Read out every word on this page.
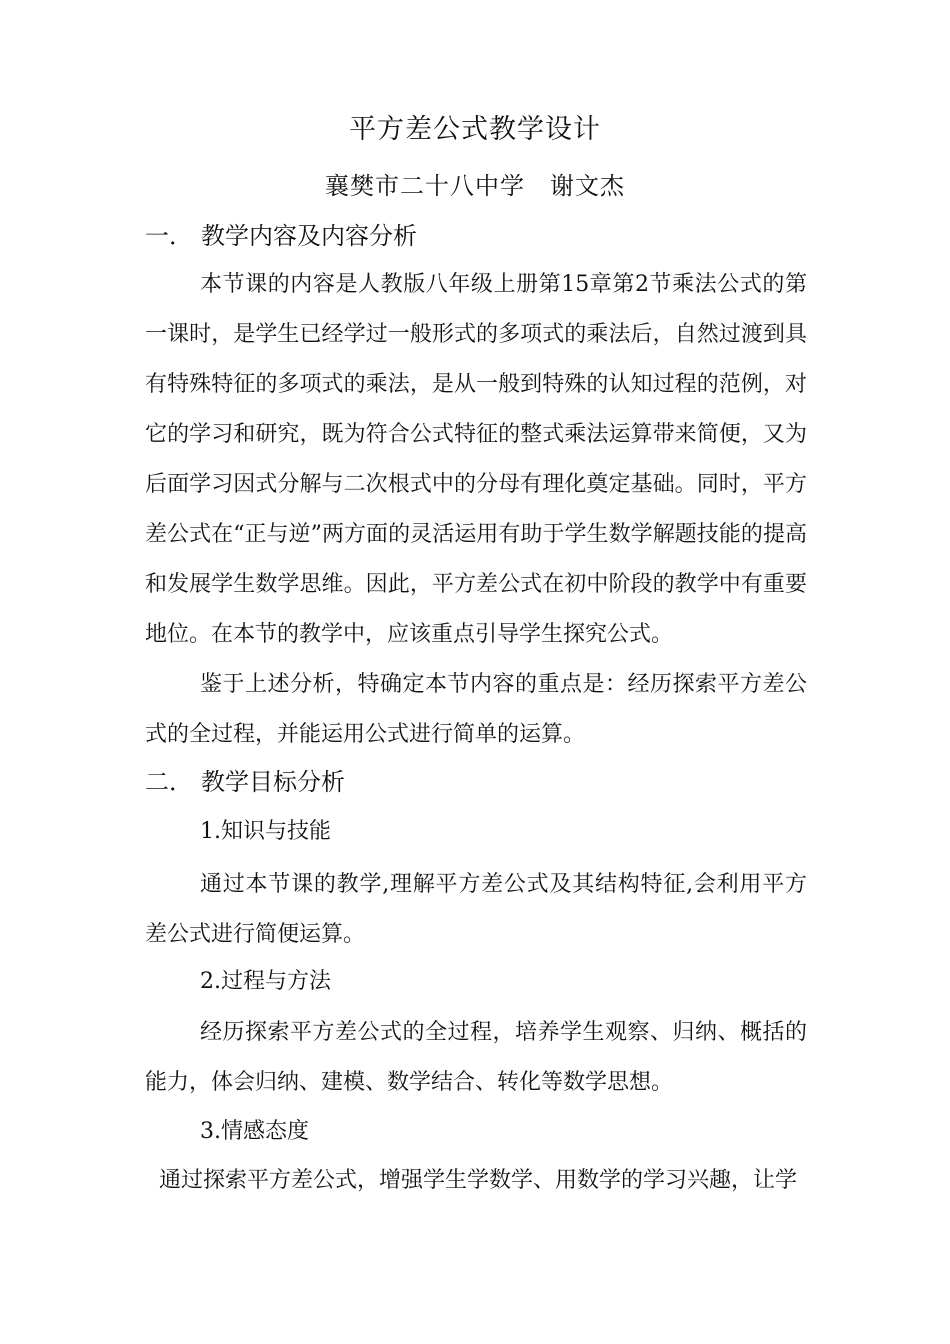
平方差公式教学设计
襄樊市二十八中学　谢文杰
一． 教学内容及内容分析
本节课的内容是人教版八年级上册第15章第2节乘法公式的第一课时，是学生已经学过一般形式的多项式的乘法后，自然过渡到具有特殊特征的多项式的乘法，是从一般到特殊的认知过程的范例，对它的学习和研究，既为符合公式特征的整式乘法运算带来简便，又为后面学习因式分解与二次根式中的分母有理化奠定基础。同时，平方差公式在“正与逆”两方面的灵活运用有助于学生数学解题技能的提高和发展学生数学思维。因此，平方差公式在初中阶段的教学中有重要地位。在本节的教学中，应该重点引导学生探究公式。
鉴于上述分析，特确定本节内容的重点是：经历探索平方差公式的全过程，并能运用公式进行简单的运算。
二． 教学目标分析
1.知识与技能
通过本节课的教学,理解平方差公式及其结构特征,会利用平方差公式进行简便运算。
2.过程与方法
经历探索平方差公式的全过程，培养学生观察、归纳、概括的能力，体会归纳、建模、数学结合、转化等数学思想。
3.情感态度
通过探索平方差公式，增强学生学数学、用数学的学习兴趣，让学
